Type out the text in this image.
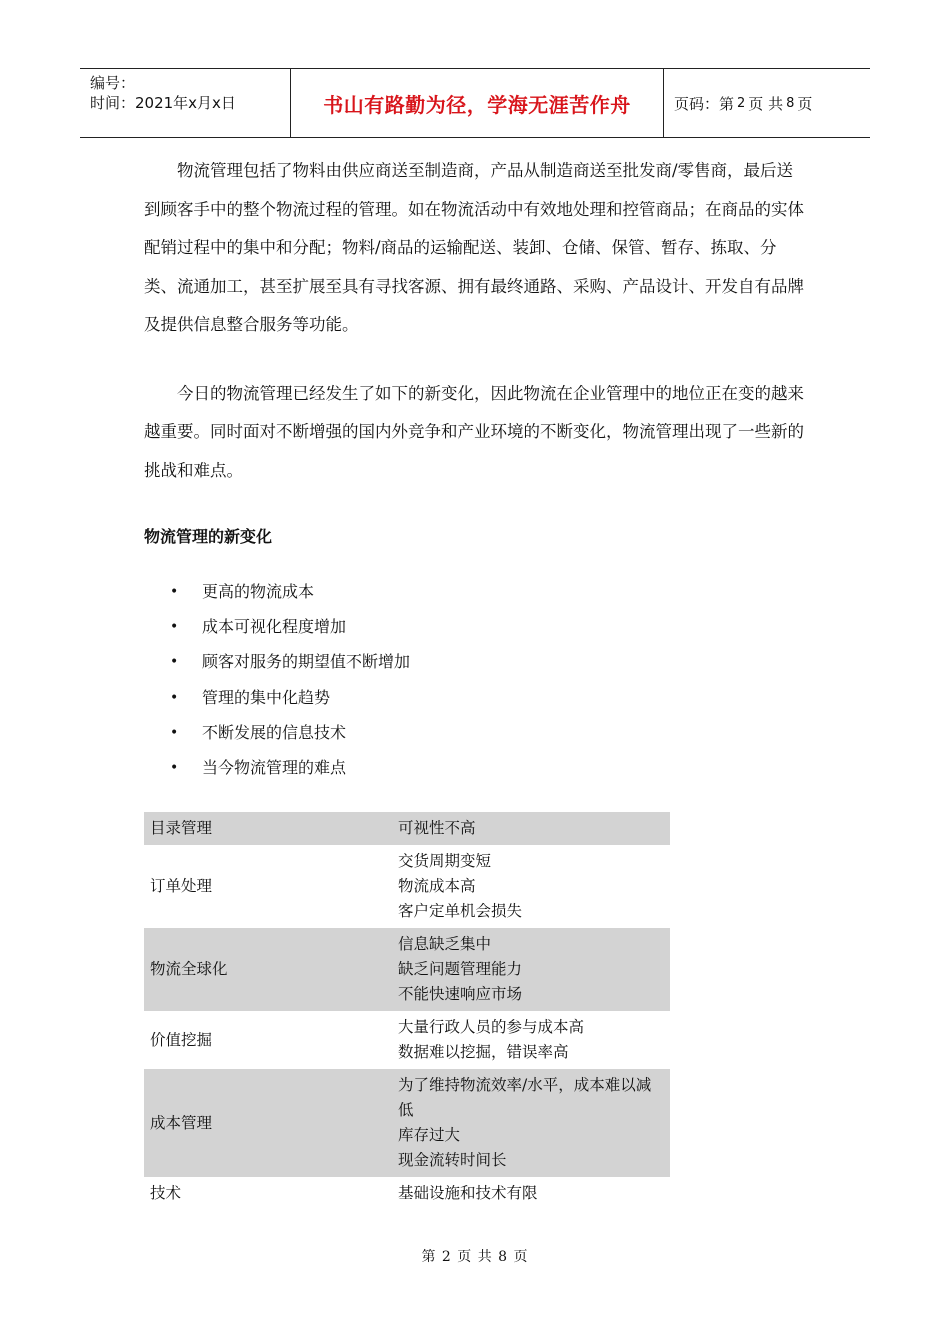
编号：
时间：2021年x月x日	书山有路勤为径，学海无涯苦作舟	页码：第 2 页 共 8 页

物流管理包括了物料由供应商送至制造商，产品从制造商送至批发商/零售商，最后送到顾客手中的整个物流过程的管理。如在物流活动中有效地处理和控管商品；在商品的实体配销过程中的集中和分配；物料/商品的运输配送、装卸、仓储、保管、暂存、拣取、分类、流通加工，甚至扩展至具有寻找客源、拥有最终通路、采购、产品设计、开发自有品牌及提供信息整合服务等功能。

今日的物流管理已经发生了如下的新变化，因此物流在企业管理中的地位正在变的越来越重要。同时面对不断增强的国内外竞争和产业环境的不断变化，物流管理出现了一些新的挑战和难点。

物流管理的新变化
•	更高的物流成本
•	成本可视化程度增加
•	顾客对服务的期望值不断增加
•	管理的集中化趋势
•	不断发展的信息技术
•	当今物流管理的难点
目录管理	可视性不高

订单处理	交货周期变短
物流成本高
客户定单机会损失

物流全球化	信息缺乏集中
缺乏问题管理能力
不能快速响应市场

价值挖掘	大量行政人员的参与成本高
数据难以挖掘，错误率高

成本管理	为了维持物流效率/水平，成本难以减低
库存过大
现金流转时间长

技术	基础设施和技术有限
第 2 页 共 8 页
